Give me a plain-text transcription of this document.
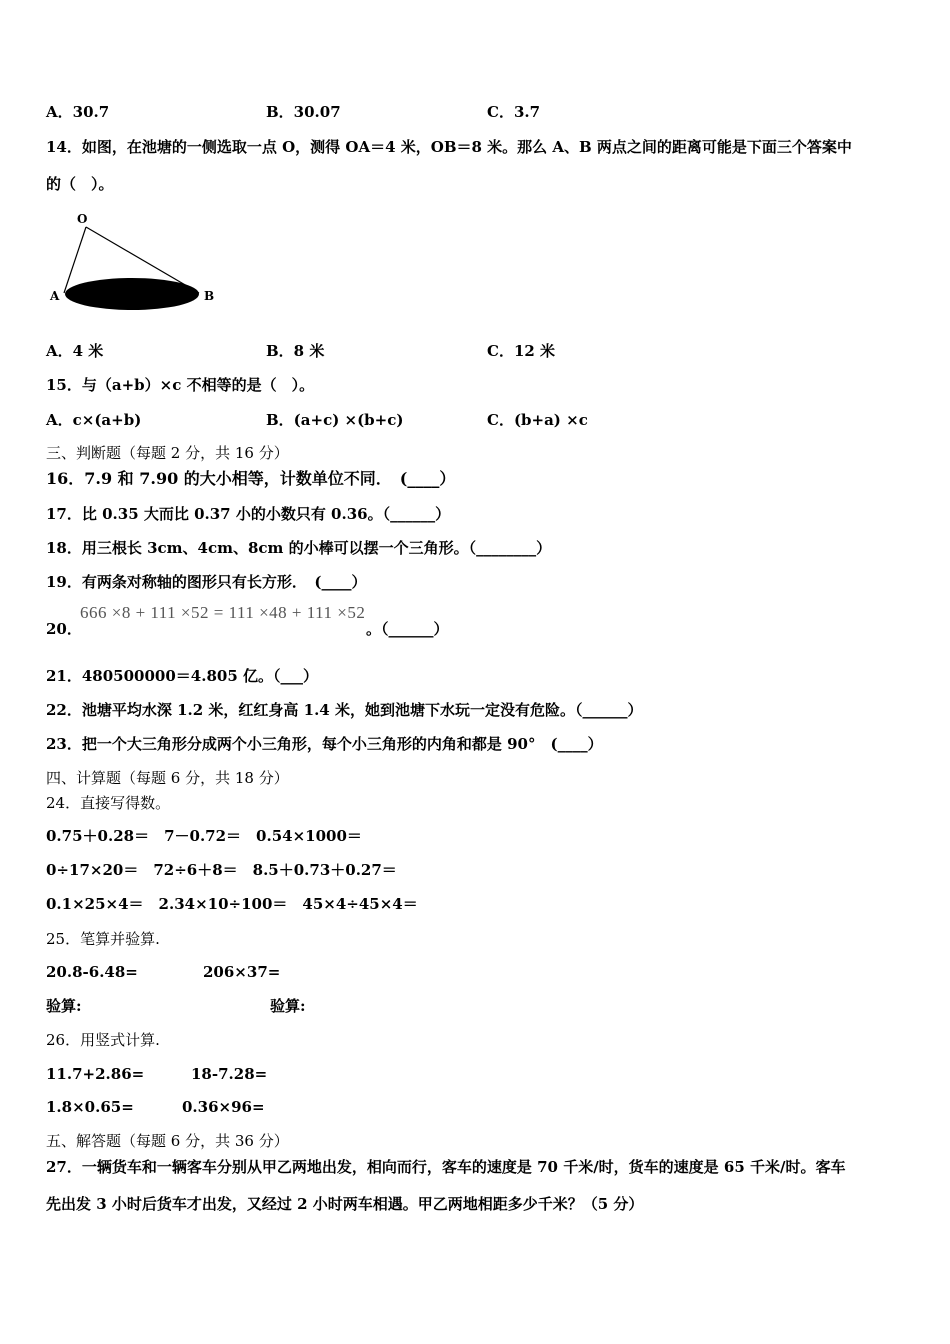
A．30.7	B．30.07	C．3.7
14．如图，在池塘的一侧选取一点 O，测得 OA＝4 米，OB＝8 米。那么 A、B 两点之间的距离可能是下面三个答案中
的（　）。
O
A	B
A．4 米	B．8 米	C．12 米
15．与（a+b）×c 不相等的是（　）。
A．c×(a+b)	B．(a+c) ×(b+c)	C．(b+a) ×c
三、判断题（每题 2 分，共 16 分）
16．7.9 和 7.90 的大小相等，计数单位不同．　(____）
17．比 0.35 大而比 0.37 小的小数只有 0.36。（______）
18．用三根长 3cm、4cm、8cm 的小棒可以摆一个三角形。（________）
19．有两条对称轴的图形只有长方形．　(____）
20．
666 ×8 + 111 ×52 = 111 ×48 + 111 ×52
。（______）
21．480500000＝4.805 亿。（___）
22．池塘平均水深 1.2 米，红红身高 1.4 米，她到池塘下水玩一定没有危险。（______）
23．把一个大三角形分成两个小三角形，每个小三角形的内角和都是 90°　(____）
四、计算题（每题 6 分，共 18 分）
24．直接写得数。
0.75＋0.28＝　7－0.72＝　0.54×1000＝
0÷17×20＝　72÷6＋8＝　8.5＋0.73＋0.27＝
0.1×25×4＝　2.34×10÷100＝　45×4÷45×4＝
25．笔算并验算.
20.8-6.48=	206×37=
验算:	验算:
26．用竖式计算.
11.7+2.86=	18-7.28=
1.8×0.65=	0.36×96=
五、解答题（每题 6 分，共 36 分）
27．一辆货车和一辆客车分别从甲乙两地出发，相向而行，客车的速度是 70 千米/时，货车的速度是 65 千米/时。客车
先出发 3 小时后货车才出发，又经过 2 小时两车相遇。甲乙两地相距多少千米？（5 分）
